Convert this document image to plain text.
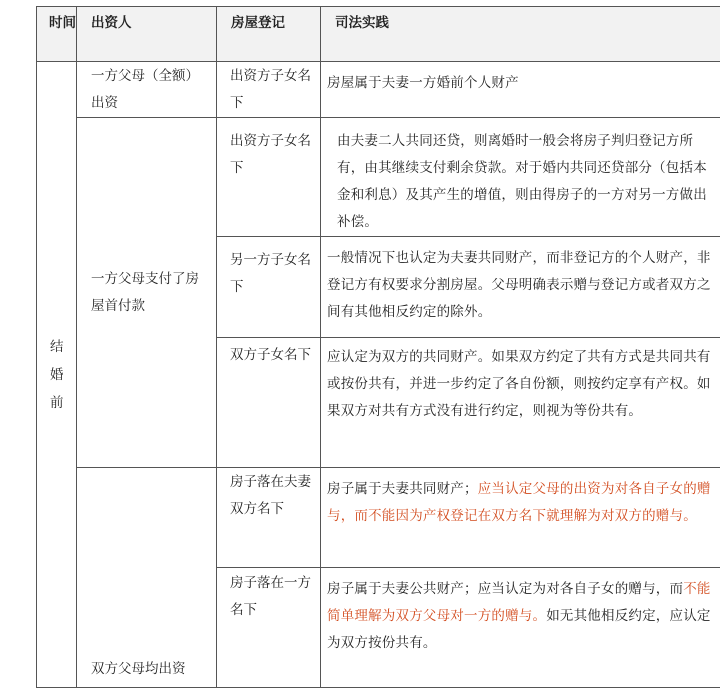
时间	出资人	房屋登记	司法实践

结
婚
前	一方父母（全额）出资	出资方子女名下	房屋属于夫妻一方婚前个人财产
	一方父母支付了房屋首付款	出资方子女名下	由夫妻二人共同还贷，则离婚时一般会将房子判归登记方所有，由其继续支付剩余贷款。对于婚内共同还贷部分（包括本金和利息）及其产生的增值，则由得房子的一方对另一方做出补偿。
		另一方子女名下	一般情况下也认定为夫妻共同财产，而非登记方的个人财产，非登记方有权要求分割房屋。父母明确表示赠与登记方或者双方之间有其他相反约定的除外。
		双方子女名下	应认定为双方的共同财产。如果双方约定了共有方式是共同共有或按份共有，并进一步约定了各自份额，则按约定享有产权。如果双方对共有方式没有进行约定，则视为等份共有。
	双方父母均出资	房子落在夫妻双方名下	房子属于夫妻共同财产；应当认定父母的出资为对各自子女的赠与，而不能因为产权登记在双方名下就理解为对双方的赠与。
		房子落在一方名下	房子属于夫妻公共财产；应当认定为对各自子女的赠与，而不能简单理解为双方父母对一方的赠与。如无其他相反约定，应认定为双方按份共有。
